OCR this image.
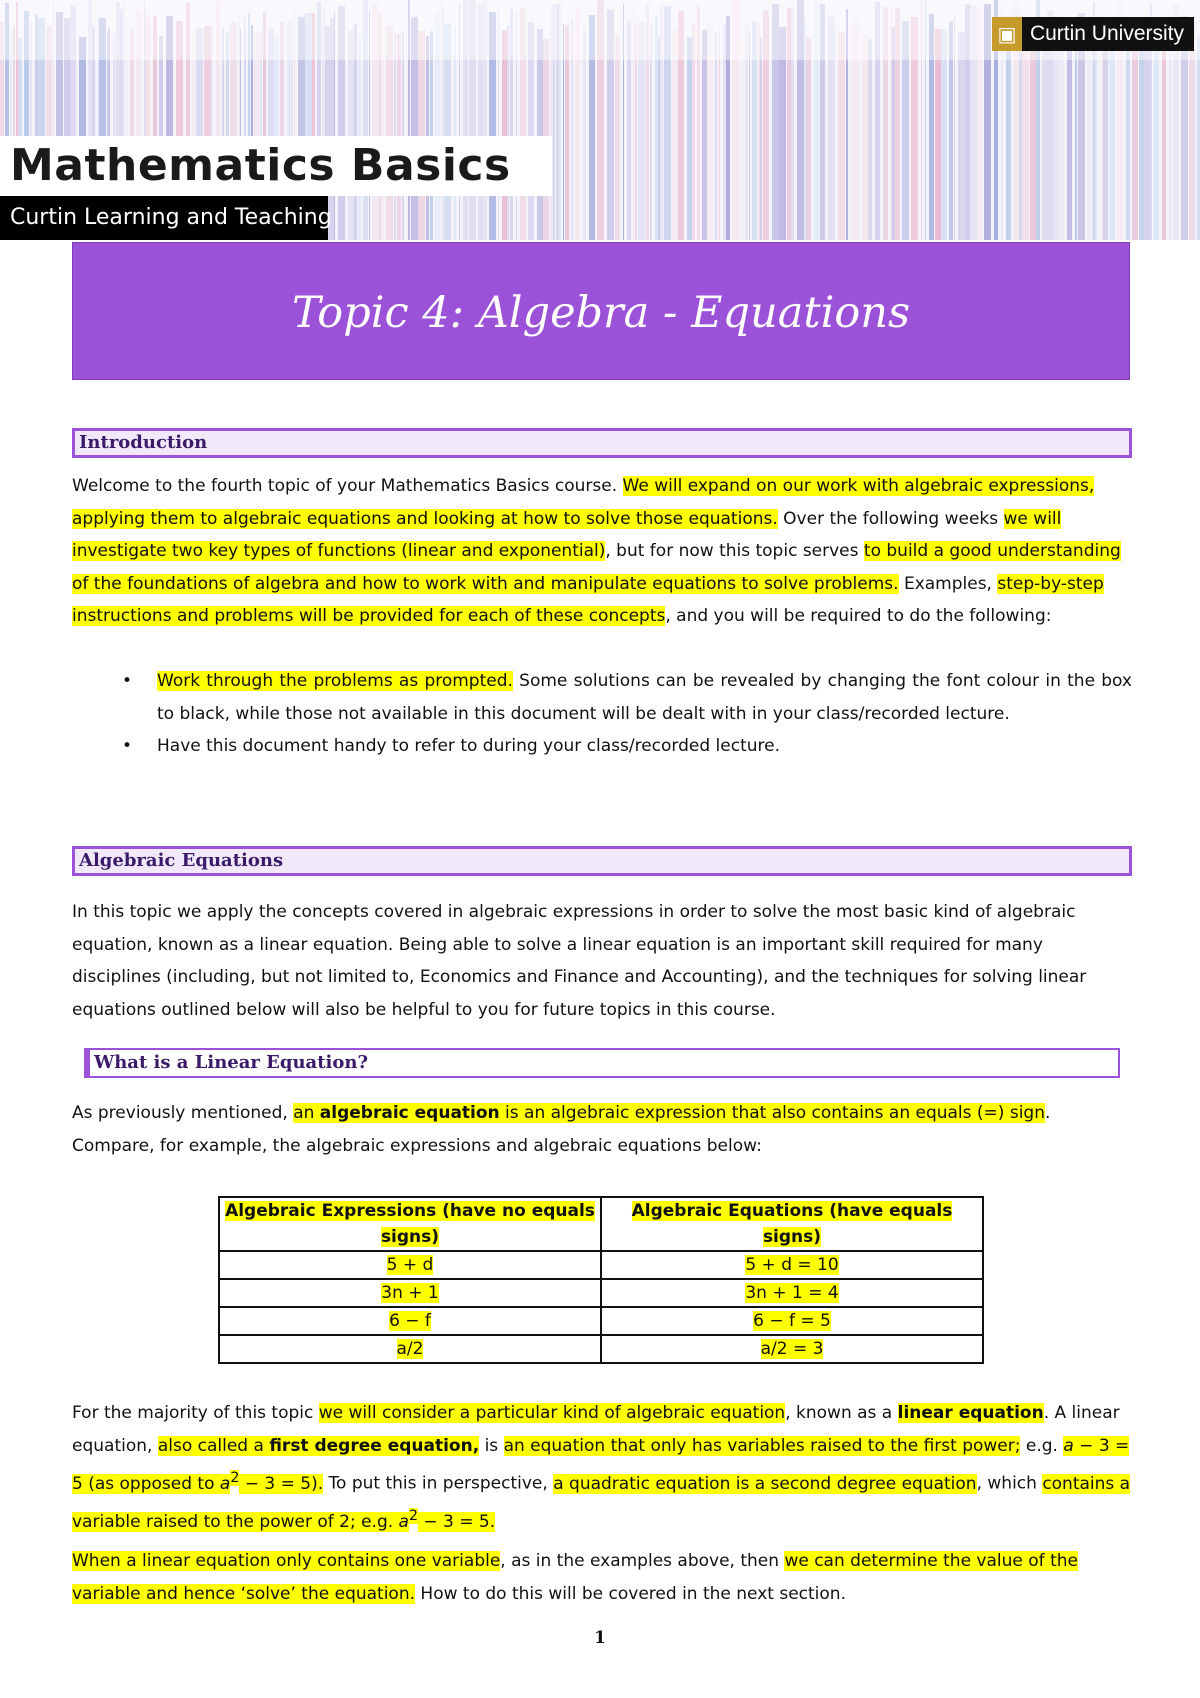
▣ Curtin University
Mathematics Basics
Curtin Learning and Teaching
Topic 4: Algebra - Equations
Introduction
Welcome to the fourth topic of your Mathematics Basics course. We will expand on our work with algebraic expressions, applying them to algebraic equations and looking at how to solve those equations. Over the following weeks we will investigate two key types of functions (linear and exponential), but for now this topic serves to build a good understanding of the foundations of algebra and how to work with and manipulate equations to solve problems. Examples, step-by-step instructions and problems will be provided for each of these concepts, and you will be required to do the following:
• Work through the problems as prompted. Some solutions can be revealed by changing the font colour in the box to black, while those not available in this document will be dealt with in your class/recorded lecture.
• Have this document handy to refer to during your class/recorded lecture.
Algebraic Equations
In this topic we apply the concepts covered in algebraic expressions in order to solve the most basic kind of algebraic equation, known as a linear equation. Being able to solve a linear equation is an important skill required for many disciplines (including, but not limited to, Economics and Finance and Accounting), and the techniques for solving linear equations outlined below will also be helpful to you for future topics in this course.
What is a Linear Equation?
As previously mentioned, an algebraic equation is an algebraic expression that also contains an equals (=) sign. Compare, for example, the algebraic expressions and algebraic equations below:
Algebraic Expressions (have no equals signs)	Algebraic Equations (have equals signs)
5 + d	5 + d = 10
3n + 1	3n + 1 = 4
6 − f	6 − f = 5
a/2	a/2 = 3
For the majority of this topic we will consider a particular kind of algebraic equation, known as a linear equation. A linear equation, also called a first degree equation, is an equation that only has variables raised to the first power; e.g. a − 3 = 5 (as opposed to $a^2 - 3 = 5$). To put this in perspective, a quadratic equation is a second degree equation, which contains a variable raised to the power of 2; e.g. $a^2 - 3 = 5$.
When a linear equation only contains one variable, as in the examples above, then we can determine the value of the variable and hence ‘solve’ the equation. How to do this will be covered in the next section.
1
